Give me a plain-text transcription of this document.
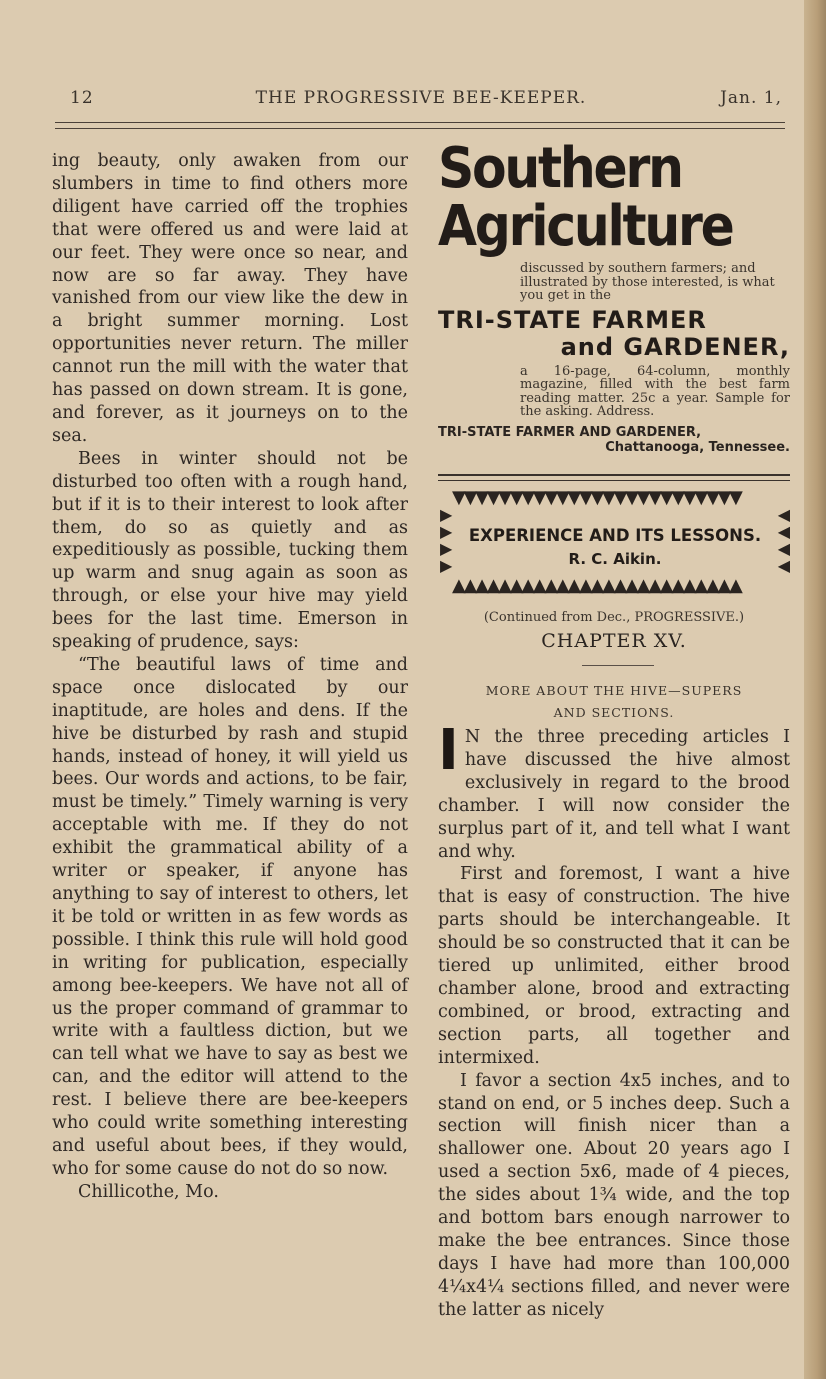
12	THE PROGRESSIVE BEE-KEEPER.	Jan. 1,

ing beauty, only awaken from our slumbers in time to find others more diligent have carried off the trophies that were offered us and were laid at our feet. They were once so near, and now are so far away. They have vanished from our view like the dew in a bright summer morning. Lost opportunities never return. The miller cannot run the mill with the water that has passed on down stream. It is gone, and forever, as it journeys on to the sea.

Bees in winter should not be disturbed too often with a rough hand, but if it is to their interest to look after them, do so as quietly and as expeditiously as possible, tucking them up warm and snug again as soon as through, or else your hive may yield bees for the last time. Emerson in speaking of prudence, says:

“The beautiful laws of time and space once dislocated by our inaptitude, are holes and dens. If the hive be disturbed by rash and stupid hands, instead of honey, it will yield us bees. Our words and actions, to be fair, must be timely.” Timely warning is very acceptable with me. If they do not exhibit the grammatical ability of a writer or speaker, if anyone has anything to say of interest to others, let it be told or written in as few words as possible. I think this rule will hold good in writing for publication, especially among bee-keepers. We have not all of us the proper command of grammar to write with a faultless diction, but we can tell what we have to say as best we can, and the editor will attend to the rest. I believe there are bee-keepers who could write something interesting and useful about bees, if they would, who for some cause do not do so now.

Chillicothe, Mo.

Southern
Agriculture
discussed by southern farmers; and illustrated by those interested, is what you get in the
TRI-STATE FARMER
and GARDENER,
a 16-page, 64-column, monthly magazine, filled with the best farm reading matter. 25c a year. Sample for the asking. Address.
TRI-STATE FARMER AND GARDENER,
Chattanooga, Tennessee.
▼▼▼▼▼▼▼▼▼▼▼▼▼▼▼▼▼▼▼▼▼▼▼▼▼
▶
▶
▶
▶
◀
◀
◀
◀
EXPERIENCE AND ITS LESSONS.
R. C. Aikin.
▲▲▲▲▲▲▲▲▲▲▲▲▲▲▲▲▲▲▲▲▲▲▲▲▲
(Continued from Dec., PROGRESSIVE.)
CHAPTER XV.
MORE ABOUT THE HIVE—SUPERS
AND SECTIONS.

I N the three preceding articles I have discussed the hive almost exclusively in regard to the brood chamber. I will now consider the surplus part of it, and tell what I want and why.

First and foremost, I want a hive that is easy of construction. The hive parts should be interchangeable. It should be so constructed that it can be tiered up unlimited, either brood chamber alone, brood and extracting combined, or brood, extracting and section parts, all together and intermixed.

I favor a section 4x5 inches, and to stand on end, or 5 inches deep. Such a section will finish nicer than a shallower one. About 20 years ago I used a section 5x6, made of 4 pieces, the sides about 1¾ wide, and the top and bottom bars enough narrower to make the bee entrances. Since those days I have had more than 100,000 4¼x4¼ sections filled, and never were the latter as nicely
